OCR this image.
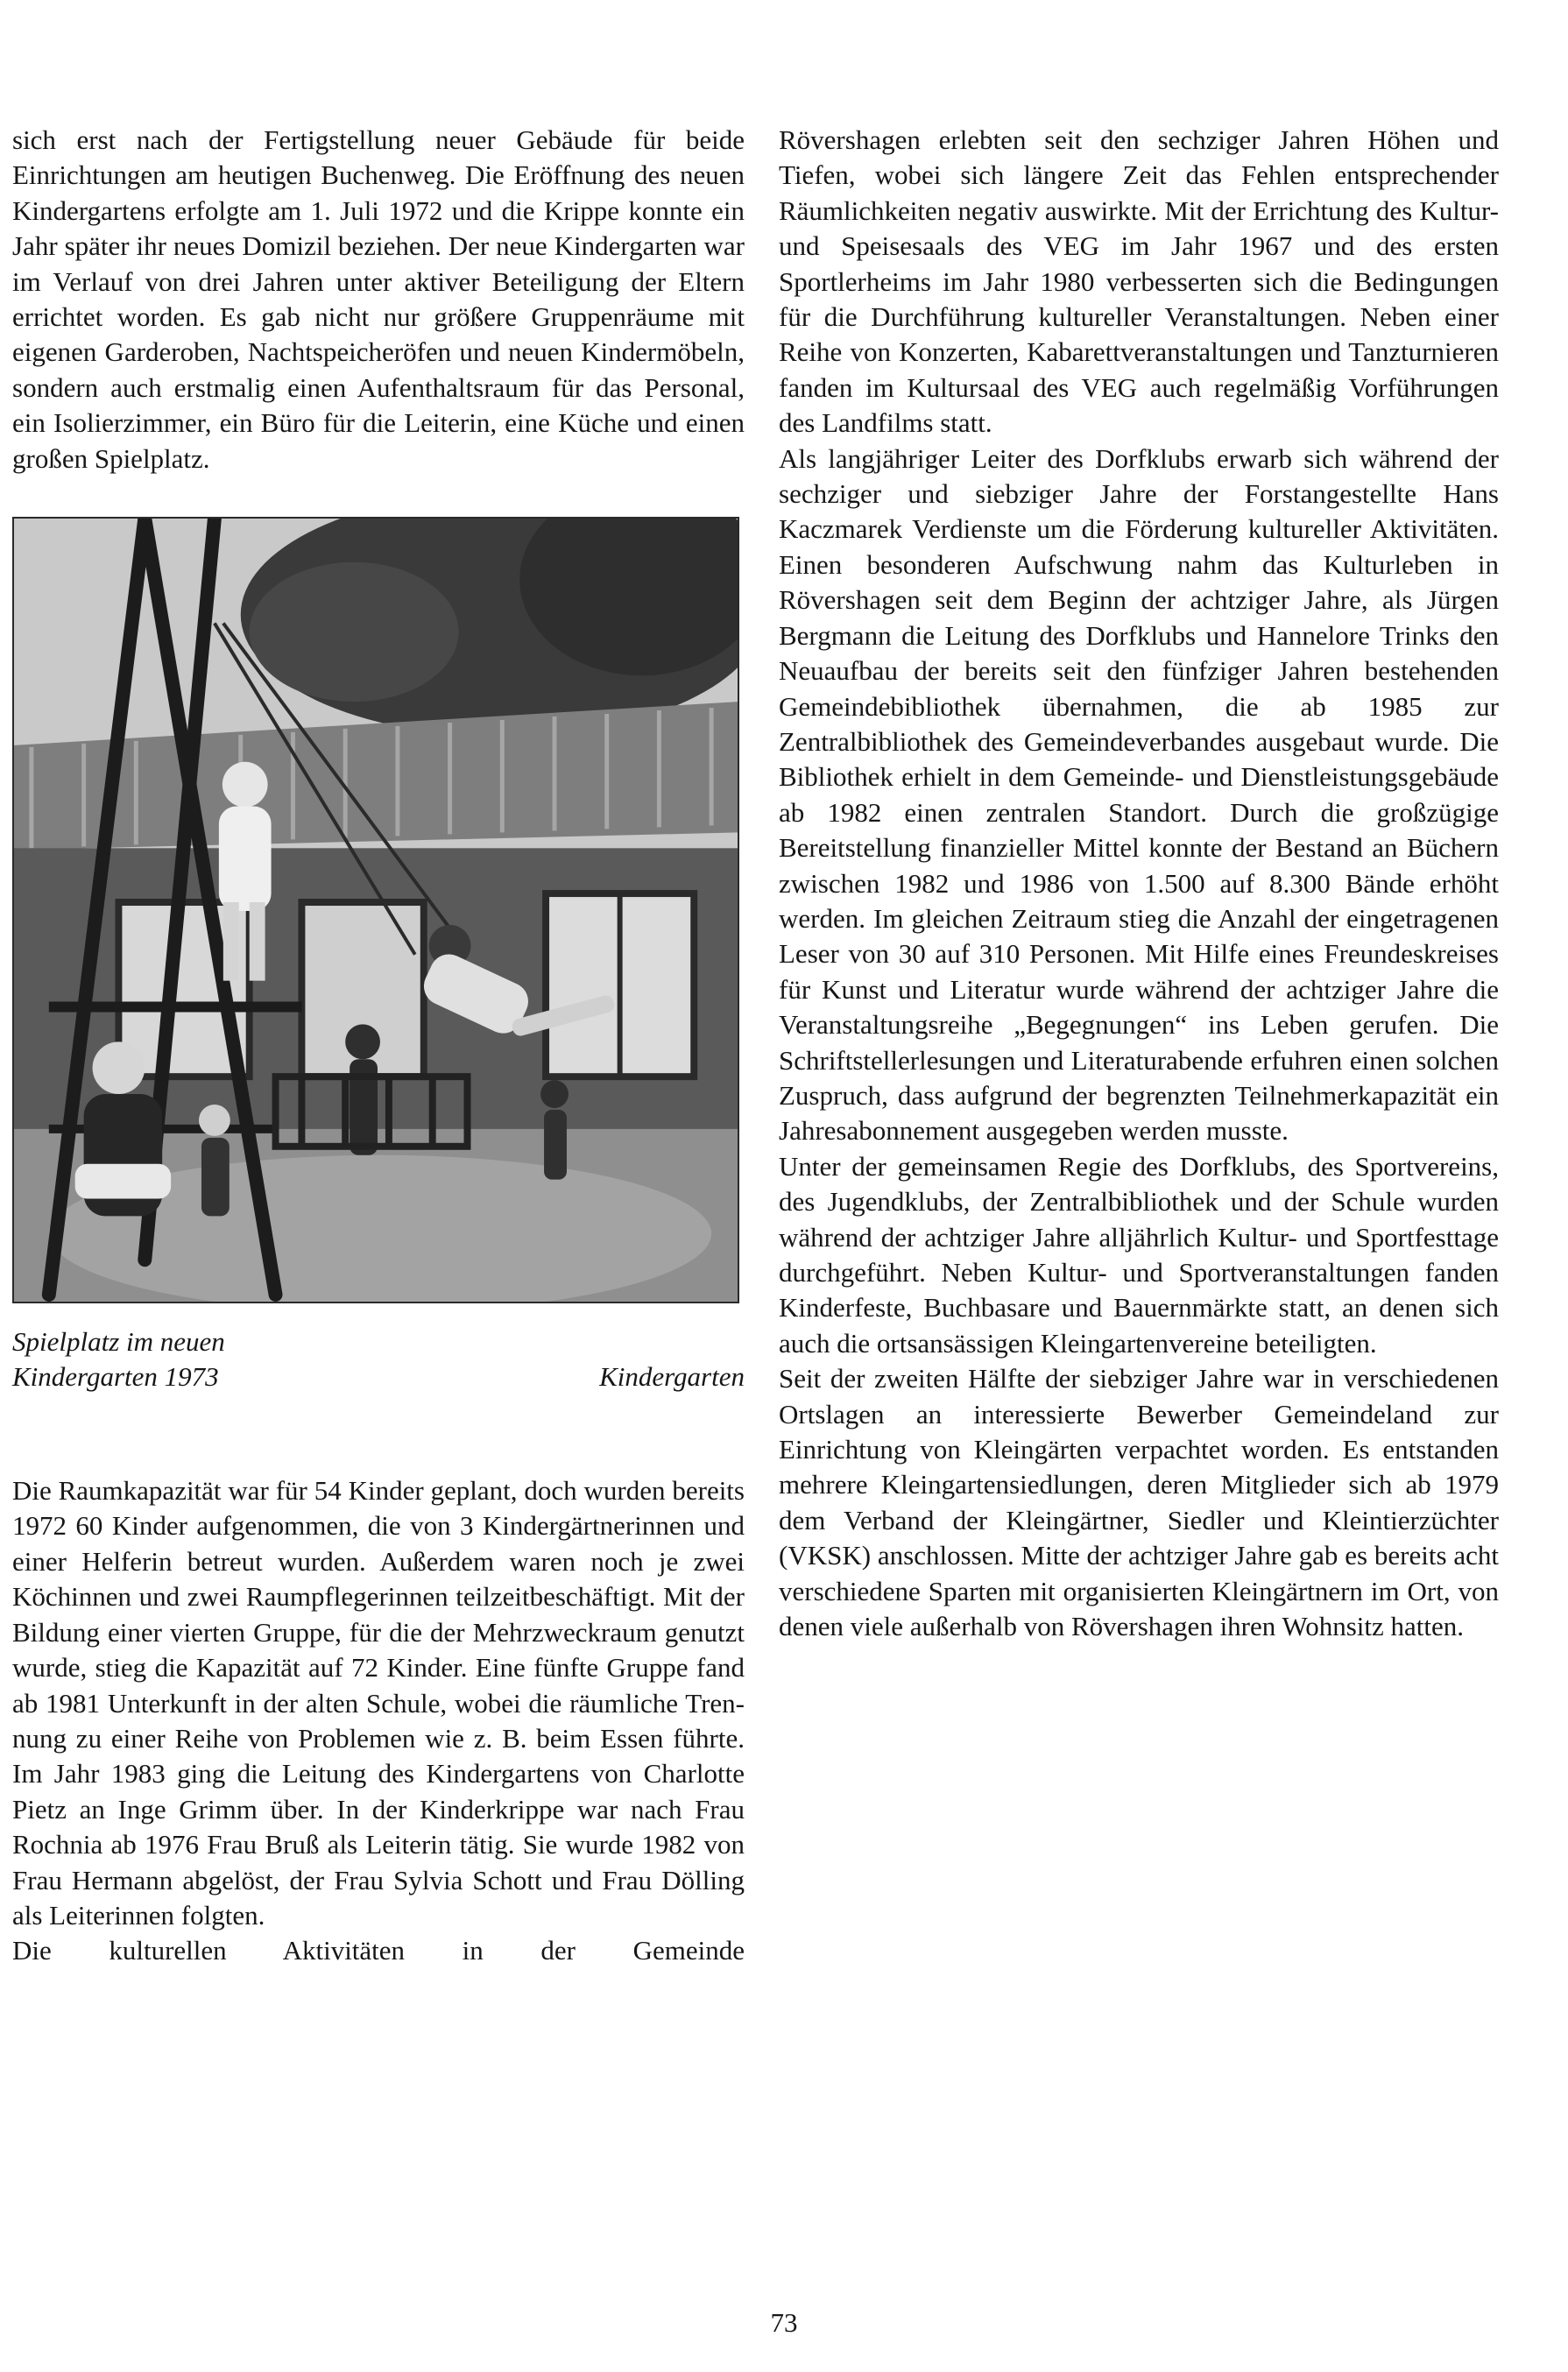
sich erst nach der Fertigstellung neuer Gebäude für beide Einrichtungen am heutigen Buchenweg. Die Eröffnung des neuen Kindergartens erfolgte am 1. Juli 1972 und die Krippe konnte ein Jahr später ihr neues Domizil beziehen. Der neue Kindergarten war im Verlauf von drei Jahren unter aktiver Beteiligung der Eltern errichtet worden. Es gab nicht nur größere Gruppenräume mit eigenen Garderoben, Nachtspeicheröfen und neuen Kindermöbeln, sondern auch erstmalig einen Aufenthaltsraum für das Personal, ein Isolierzimmer, ein Büro für die Leiterin, eine Küche und einen großen Spielplatz.

Spielplatz im neuen
Kindergarten 1973	Kindergarten

Die Raumkapazität war für 54 Kinder geplant, doch wurden bereits 1972 60 Kinder aufgenommen, die von 3 Kindergärtnerinnen und einer Helferin betreut wurden. Außerdem waren noch je zwei Köchinnen und zwei Raumpflegerinnen teilzeitbeschäftigt. Mit der Bildung einer vierten Gruppe, für die der Mehrzweckraum genutzt wurde, stieg die Kapazität auf 72 Kinder. Eine fünfte Gruppe fand ab 1981 Unterkunft in der alten Schule, wobei die räumliche Trennung zu einer Reihe von Problemen wie z. B. beim Essen führte. Im Jahr 1983 ging die Leitung des Kindergartens von Charlotte Pietz an Inge Grimm über. In der Kinderkrippe war nach Frau Rochnia ab 1976 Frau Bruß als Leiterin tätig. Sie wurde 1982 von Frau Hermann abgelöst, der Frau Sylvia Schott und Frau Dölling als Leiterinnen folgten.

Die kulturellen Aktivitäten in der Gemeinde

Rövershagen erlebten seit den sechziger Jahren Höhen und Tiefen, wobei sich längere Zeit das Fehlen entsprechender Räumlichkeiten negativ auswirkte. Mit der Errichtung des Kultur- und Speisesaals des VEG im Jahr 1967 und des ersten Sportlerheims im Jahr 1980 verbesserten sich die Bedingungen für die Durchführung kultureller Veranstaltungen. Neben einer Reihe von Konzerten, Kabarettveranstaltungen und Tanzturnieren fanden im Kultursaal des VEG auch regelmäßig Vorführungen des Landfilms statt.

Als langjähriger Leiter des Dorfklubs erwarb sich während der sechziger und siebziger Jahre der Forstangestellte Hans Kaczmarek Verdienste um die Förderung kultureller Aktivitäten. Einen besonderen Aufschwung nahm das Kulturleben in Rövershagen seit dem Beginn der achtziger Jahre, als Jürgen Bergmann die Leitung des Dorfklubs und Hannelore Trinks den Neuaufbau der bereits seit den fünfziger Jahren bestehenden Gemeindebibliothek übernahmen, die ab 1985 zur Zentralbibliothek des Gemeindeverbandes ausgebaut wurde. Die Bibliothek erhielt in dem Gemeinde- und Dienstleistungsgebäude ab 1982 einen zentralen Standort. Durch die großzügige Bereitstellung finanzieller Mittel konnte der Bestand an Büchern zwischen 1982 und 1986 von 1.500 auf 8.300 Bände erhöht werden. Im gleichen Zeitraum stieg die Anzahl der eingetragenen Leser von 30 auf 310 Personen. Mit Hilfe eines Freundeskreises für Kunst und Literatur wurde während der achtziger Jahre die Veranstaltungsreihe „Begegnungen“ ins Leben gerufen. Die Schriftstellerlesungen und Literaturabende erfuhren einen solchen Zuspruch, dass aufgrund der begrenzten Teilnehmerkapazität ein Jahresabonnement ausgegeben werden musste.

Unter der gemeinsamen Regie des Dorfklubs, des Sportvereins, des Jugendklubs, der Zentralbibliothek und der Schule wurden während der achtziger Jahre alljährlich Kultur- und Sportfesttage durchgeführt. Neben Kultur- und Sportveranstaltungen fanden Kinderfeste, Buchbasare und Bauernmärkte statt, an denen sich auch die ortsansässigen Kleingartenvereine beteiligten.

Seit der zweiten Hälfte der siebziger Jahre war in verschiedenen Ortslagen an interessierte Bewerber Gemeindeland zur Einrichtung von Kleingärten verpachtet worden. Es entstanden mehrere Kleingartensiedlungen, deren Mitglieder sich ab 1979 dem Verband der Kleingärtner, Siedler und Kleintierzüchter (VKSK) anschlossen. Mitte der achtziger Jahre gab es bereits acht verschiedene Sparten mit organisierten Kleingärtnern im Ort, von denen viele außerhalb von Rövershagen ihren Wohnsitz hatten.

73
